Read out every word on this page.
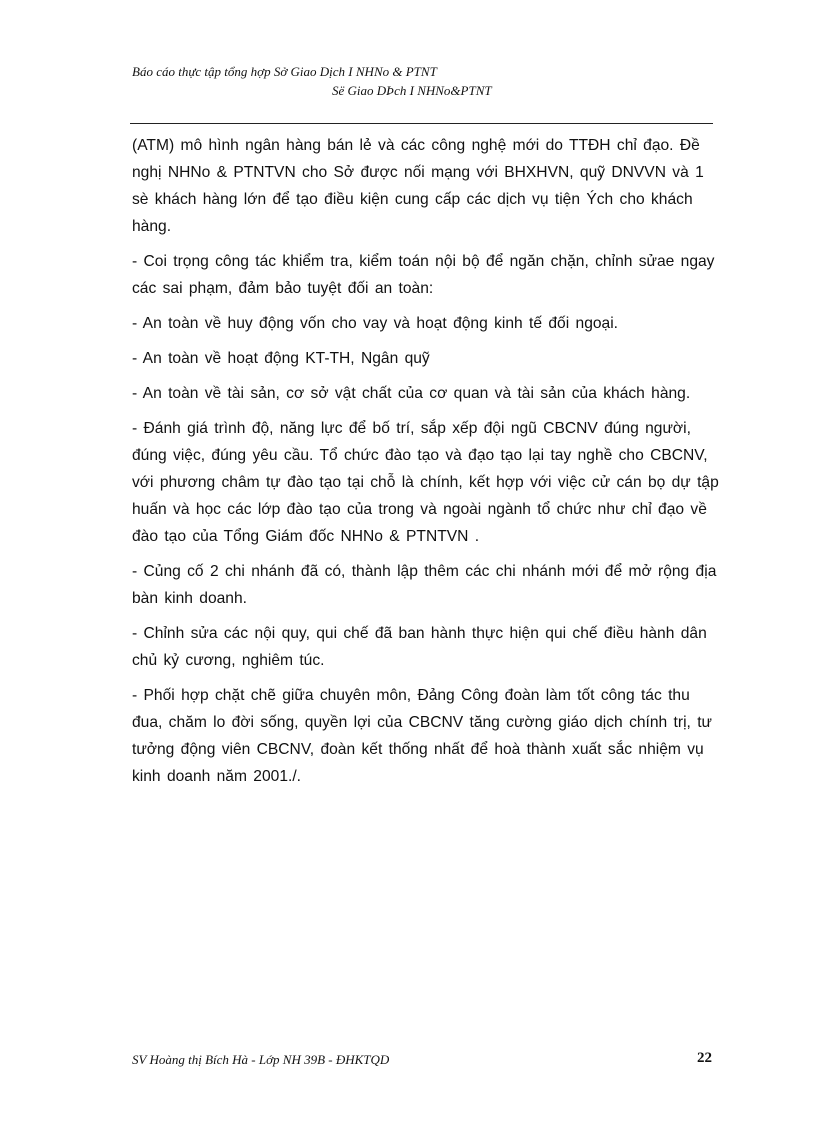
Báo cáo thực tập tổng hợp Sở Giao Dịch I NHNo & PTNT
Së Giao DÞch I NHNo&PTNT

(ATM) mô hình ngân hàng bán lẻ và các công nghệ mới do TTĐH chỉ đạo. Đề nghị NHNo & PTNTVN cho Sở được nối mạng với BHXHVN, quỹ DNVVN và 1 sè khách hàng lớn để tạo điều kiện cung cấp các dịch vụ tiện Ých cho khách hàng.

- Coi trọng công tác khiểm tra, kiểm toán nội bộ để ngăn chặn, chỉnh sửae ngay các sai phạm, đảm bảo tuyệt đối an toàn:

- An toàn về huy động vốn cho vay và hoạt động kinh tế đối ngoại.

- An toàn về hoạt động KT-TH, Ngân quỹ

- An toàn về tài sản, cơ sở vật chất của cơ quan và tài sản của khách hàng.

- Đánh giá trình độ, năng lực để bố trí, sắp xếp đội ngũ CBCNV đúng người, đúng việc, đúng yêu cầu. Tổ chức đào tạo và đạo tạo lại tay nghề cho CBCNV, với phương châm tự đào tạo tại chỗ là chính, kết hợp với việc cử cán bọ dự tập huấn và học các lớp đào tạo của trong và ngoài ngành tổ chức như chỉ đạo về đào tạo của Tổng Giám đốc NHNo & PTNTVN .

- Củng cố 2 chi nhánh đã có, thành lập thêm các chi nhánh mới để mở rộng địa bàn kinh doanh.

- Chỉnh sửa các nội quy, qui chế đã ban hành thực hiện qui chế điều hành dân chủ kỷ cương, nghiêm túc.

- Phối hợp chặt chẽ giữa chuyên môn, Đảng Công đoàn làm tốt công tác thu đua, chăm lo đời sống, quyền lợi của CBCNV tăng cường giáo dịch chính trị, tư tưởng động viên CBCNV, đoàn kết thống nhất để hoà thành xuất sắc nhiệm vụ kinh doanh năm 2001./.

SV Hoàng thị Bích Hà - Lớp NH 39B - ĐHKTQD	22
